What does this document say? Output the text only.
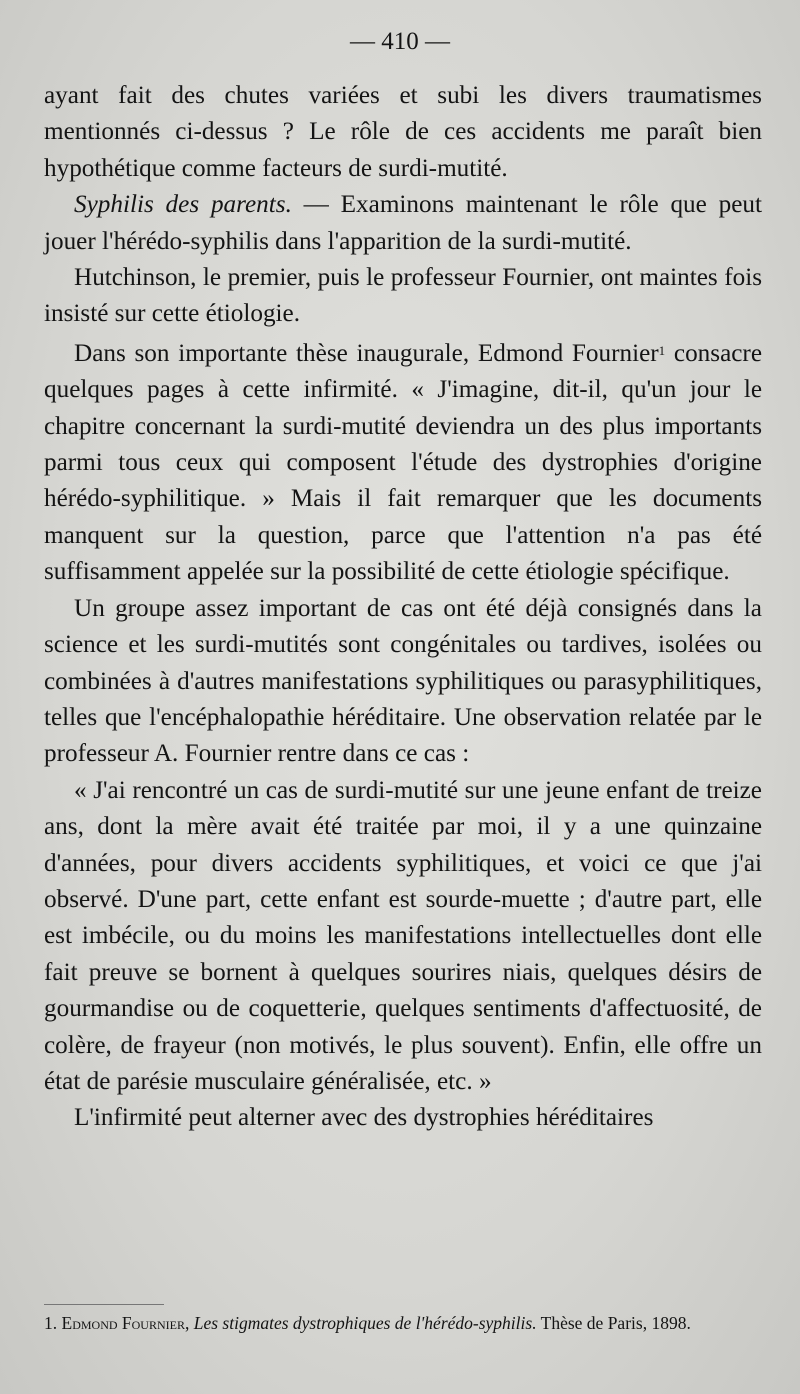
— 410 —

ayant fait des chutes variées et subi les divers traumatismes mentionnés ci-dessus ? Le rôle de ces accidents me paraît bien hypothétique comme facteurs de surdi-mutité.

Syphilis des parents. — Examinons maintenant le rôle que peut jouer l'hérédo-syphilis dans l'apparition de la surdi-mutité.

Hutchinson, le premier, puis le professeur Fournier, ont maintes fois insisté sur cette étiologie.

Dans son importante thèse inaugurale, Edmond Fournier$^1$ consacre quelques pages à cette infirmité. « J'imagine, dit-il, qu'un jour le chapitre concernant la surdi-mutité deviendra un des plus importants parmi tous ceux qui composent l'étude des dystrophies d'origine hérédo-syphilitique. » Mais il fait remarquer que les documents manquent sur la question, parce que l'attention n'a pas été suffisamment appelée sur la possibilité de cette étiologie spécifique.

Un groupe assez important de cas ont été déjà consignés dans la science et les surdi-mutités sont congénitales ou tardives, isolées ou combinées à d'autres manifestations syphilitiques ou parasyphilitiques, telles que l'encéphalopathie héréditaire. Une observation relatée par le professeur A. Fournier rentre dans ce cas :

« J'ai rencontré un cas de surdi-mutité sur une jeune enfant de treize ans, dont la mère avait été traitée par moi, il y a une quinzaine d'années, pour divers accidents syphilitiques, et voici ce que j'ai observé. D'une part, cette enfant est sourde-muette ; d'autre part, elle est imbécile, ou du moins les manifestations intellectuelles dont elle fait preuve se bornent à quelques sourires niais, quelques désirs de gourmandise ou de coquetterie, quelques sentiments d'affectuosité, de colère, de frayeur (non motivés, le plus souvent). Enfin, elle offre un état de parésie musculaire généralisée, etc. »

L'infirmité peut alterner avec des dystrophies héréditaires

1. Edmond Fournier, Les stigmates dystrophiques de l'hérédo-syphilis. Thèse de Paris, 1898.
